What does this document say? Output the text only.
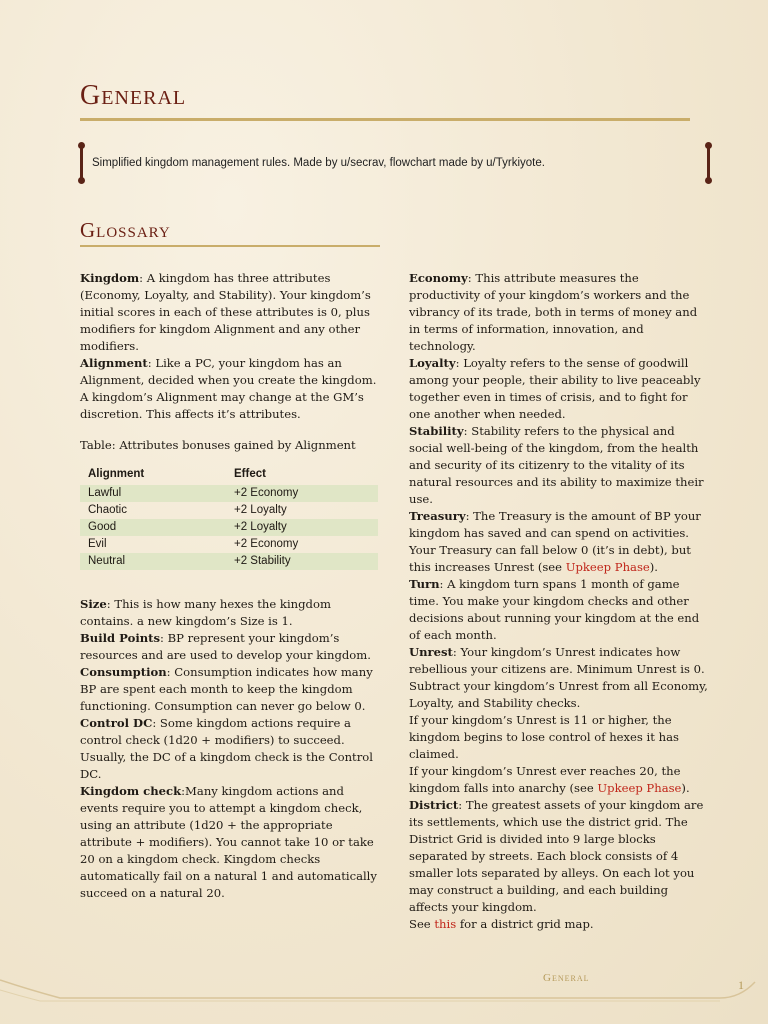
General
Simplified kingdom management rules. Made by u/secrav, flowchart made by u/Tyrkiyote.
Glossary

Kingdom: A kingdom has three attributes (Economy, Loyalty, and Stability). Your kingdom’s initial scores in each of these attributes is 0, plus modifiers for kingdom Alignment and any other modifiers.

Alignment: Like a PC, your kingdom has an Alignment, decided when you create the kingdom. A kingdom’s Alignment may change at the GM’s discretion. This affects it’s attributes.

Table: Attributes bonuses gained by Alignment

Alignment	Effect
Lawful	+2 Economy
Chaotic	+2 Loyalty
Good	+2 Loyalty
Evil	+2 Economy
Neutral	+2 Stability

Size: This is how many hexes the kingdom contains. a new kingdom’s Size is 1.

Build Points: BP represent your kingdom’s resources and are used to develop your kingdom.

Consumption: Consumption indicates how many BP are spent each month to keep the kingdom functioning. Consumption can never go below 0.

Control DC: Some kingdom actions require a control check (1d20 + modifiers) to succeed. Usually, the DC of a kingdom check is the Control DC.

Kingdom check:Many kingdom actions and events require you to attempt a kingdom check, using an attribute (1d20 + the appropriate attribute + modifiers). You cannot take 10 or take 20 on a kingdom check. Kingdom checks automatically fail on a natural 1 and automatically succeed on a natural 20.

Economy: This attribute measures the productivity of your kingdom’s workers and the vibrancy of its trade, both in terms of money and in terms of information, innovation, and technology.

Loyalty: Loyalty refers to the sense of goodwill among your people, their ability to live peaceably together even in times of crisis, and to fight for one another when needed.

Stability: Stability refers to the physical and social well-being of the kingdom, from the health and security of its citizenry to the vitality of its natural resources and its ability to maximize their use.

Treasury: The Treasury is the amount of BP your kingdom has saved and can spend on activities. Your Treasury can fall below 0 (it’s in debt), but this increases Unrest (see Upkeep Phase).

Turn: A kingdom turn spans 1 month of game time. You make your kingdom checks and other decisions about running your kingdom at the end of each month.

Unrest: Your kingdom’s Unrest indicates how rebellious your citizens are. Minimum Unrest is 0. Subtract your kingdom’s Unrest from all Economy, Loyalty, and Stability checks.

If your kingdom’s Unrest is 11 or higher, the kingdom begins to lose control of hexes it has claimed.

If your kingdom’s Unrest ever reaches 20, the kingdom falls into anarchy (see Upkeep Phase).

District: The greatest assets of your kingdom are its settlements, which use the district grid. The District Grid is divided into 9 large blocks separated by streets. Each block consists of 4 smaller lots separated by alleys. On each lot you may construct a building, and each building affects your kingdom.

See this for a district grid map.

General	1
